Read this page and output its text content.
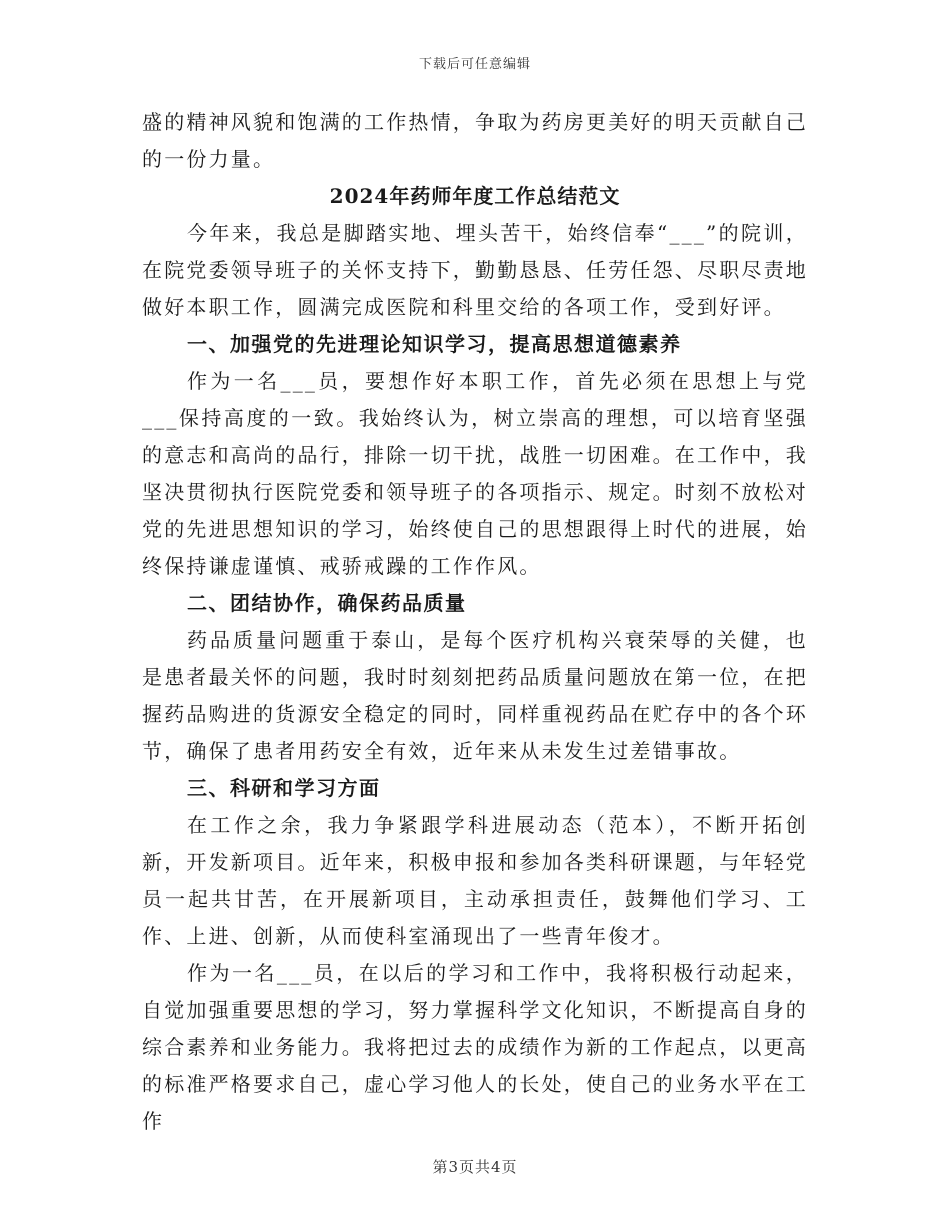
下载后可任意编辑

盛的精神风貌和饱满的工作热情，争取为药房更美好的明天贡献自己的一份力量。

2024年药师年度工作总结范文

今年来，我总是脚踏实地、埋头苦干，始终信奉“___”的院训，在院党委领导班子的关怀支持下，勤勤恳恳、任劳任怨、尽职尽责地做好本职工作，圆满完成医院和科里交给的各项工作，受到好评。

一、加强党的先进理论知识学习，提高思想道德素养

作为一名___员，要想作好本职工作，首先必须在思想上与党___保持高度的一致。我始终认为，树立崇高的理想，可以培育坚强的意志和高尚的品行，排除一切干扰，战胜一切困难。在工作中，我坚决贯彻执行医院党委和领导班子的各项指示、规定。时刻不放松对党的先进思想知识的学习，始终使自己的思想跟得上时代的进展，始终保持谦虚谨慎、戒骄戒躁的工作作风。

二、团结协作，确保药品质量

药品质量问题重于泰山，是每个医疗机构兴衰荣辱的关健，也是患者最关怀的问题，我时时刻刻把药品质量问题放在第一位，在把握药品购进的货源安全稳定的同时，同样重视药品在贮存中的各个环节，确保了患者用药安全有效，近年来从未发生过差错事故。

三、科研和学习方面

在工作之余，我力争紧跟学科进展动态（范本），不断开拓创新，开发新项目。近年来，积极申报和参加各类科研课题，与年轻党员一起共甘苦，在开展新项目，主动承担责任，鼓舞他们学习、工作、上进、创新，从而使科室涌现出了一些青年俊才。

作为一名___员，在以后的学习和工作中，我将积极行动起来，自觉加强重要思想的学习，努力掌握科学文化知识，不断提高自身的综合素养和业务能力。我将把过去的成绩作为新的工作起点，以更高的标准严格要求自己，虚心学习他人的长处，使自己的业务水平在工作

第3页共4页
